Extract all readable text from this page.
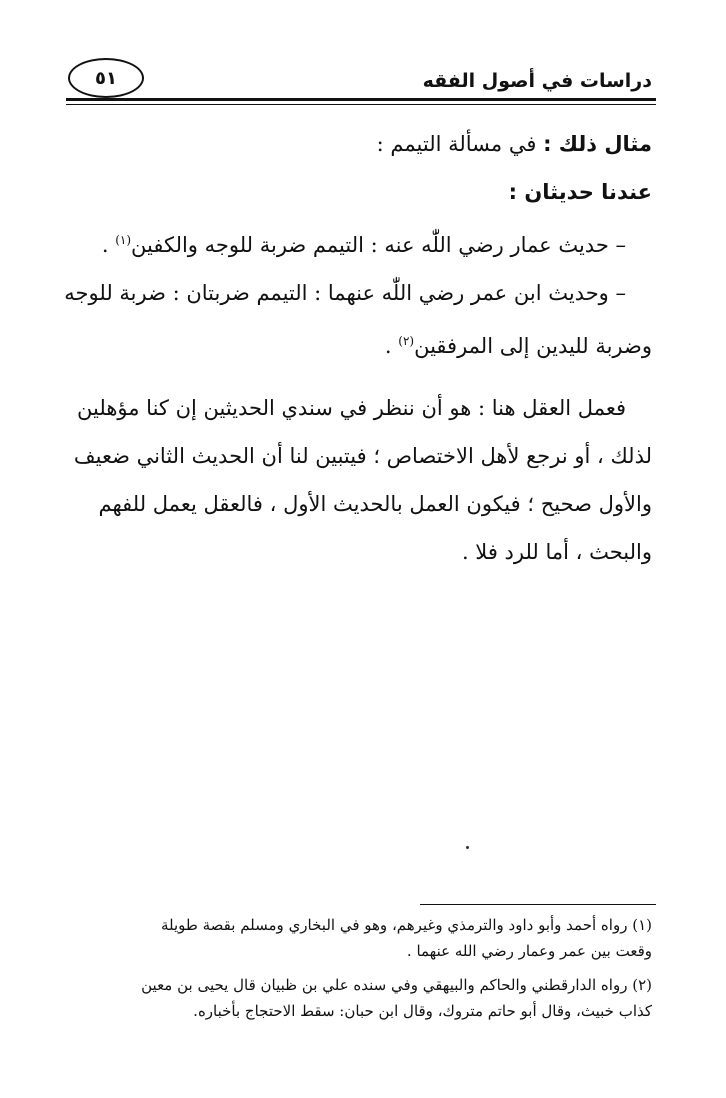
دراسات في أصول الفقه
٥١
مثال ذلك : في مسألة التيمم :
عندنا حديثان :
– حديث عمار رضي اللّٰه عنه : التيمم ضربة للوجه والكفين$^{(١)}$ .
– وحديث ابن عمر رضي اللّٰه عنهما : التيمم ضربتان : ضربة للوجه
وضربة لليدين إلى المرفقين$^{(٢)}$ .
فعمل العقل هنا : هو أن ننظر في سندي الحديثين إن كنا مؤهلين
لذلك ، أو نرجع لأهل الاختصاص ؛ فيتبين لنا أن الحديث الثاني ضعيف
والأول صحيح ؛ فيكون العمل بالحديث الأول ، فالعقل يعمل للفهم
والبحث ، أما للرد فلا .
(١) رواه أحمد وأبو داود والترمذي وغيرهم، وهو في البخاري ومسلم بقصة طويلة
وقعت بين عمر وعمار رضي الله عنهما .
(٢) رواه الدارقطني والحاكم والبيهقي وفي سنده علي بن ظبيان قال يحيى بن معين
كذاب خبيث، وقال أبو حاتم متروك، وقال ابن حبان: سقط الاحتجاج بأخباره.
